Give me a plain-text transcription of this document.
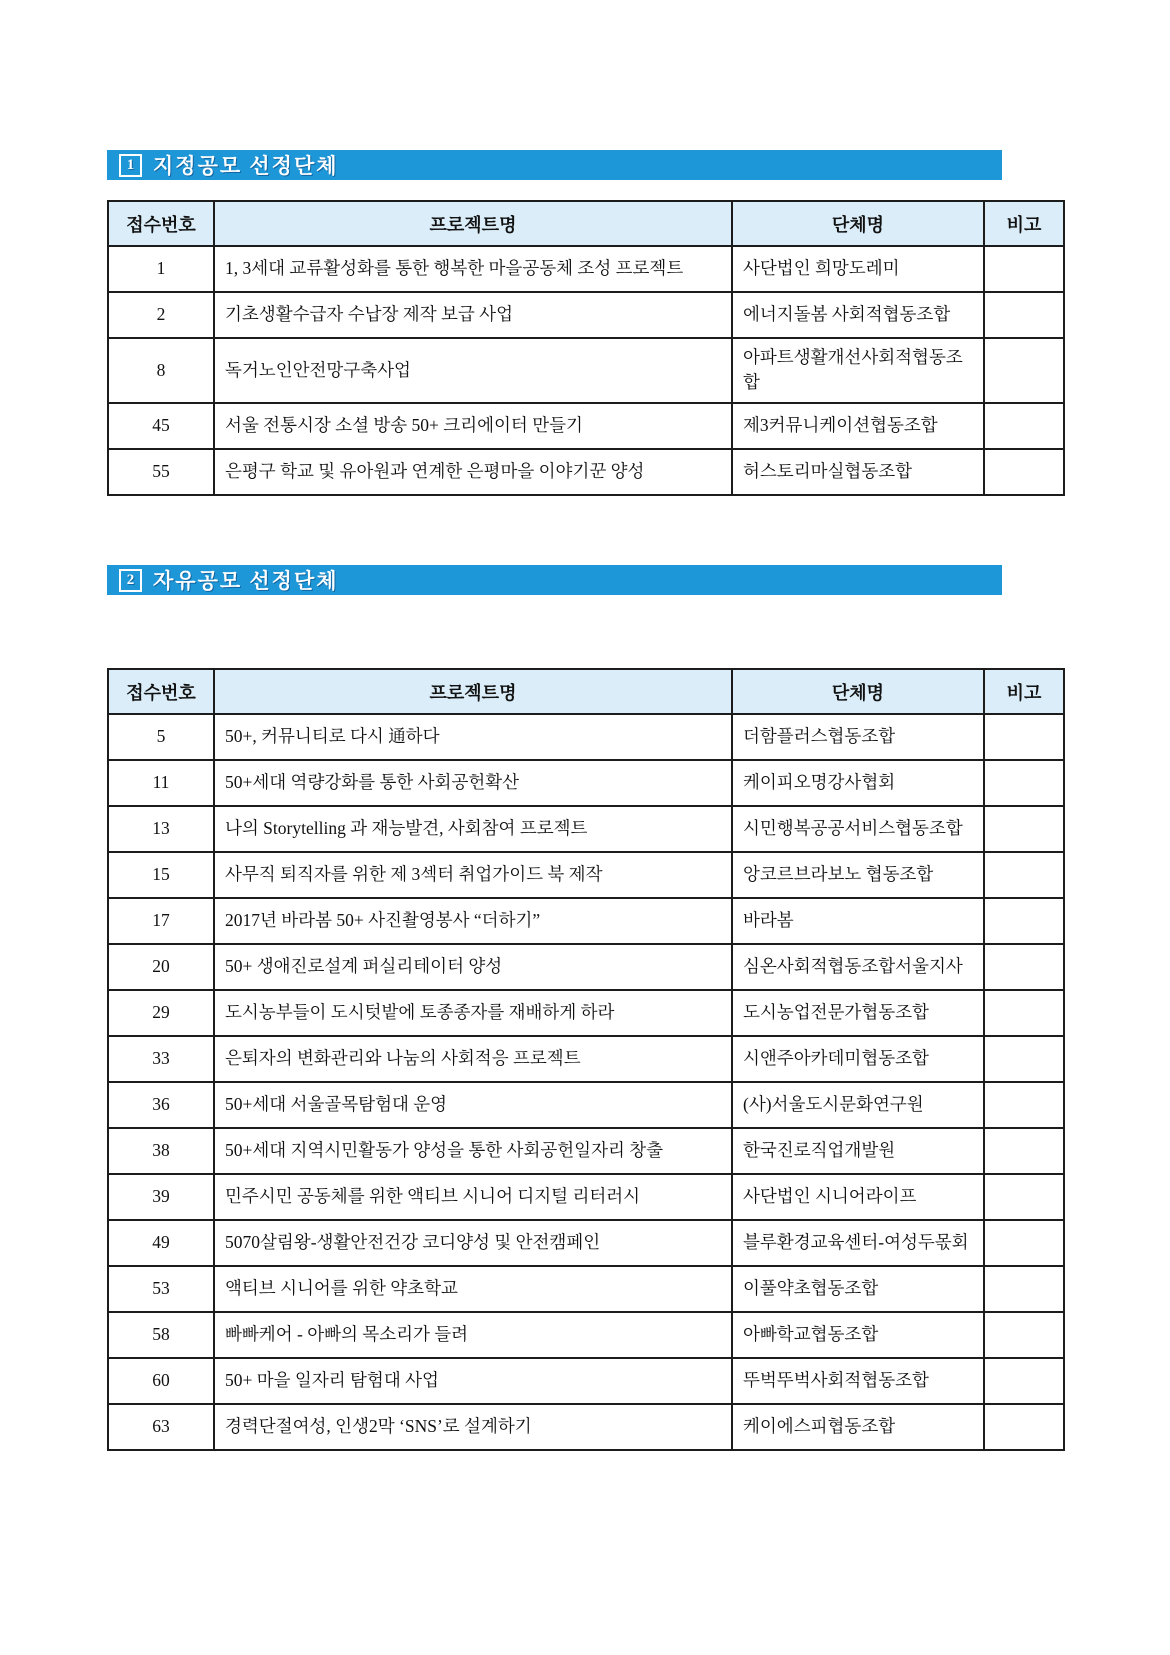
1 지정공모 선정단체
접수번호	프로젝트명	단체명	비고
1	1, 3세대 교류활성화를 통한 행복한 마을공동체 조성 프로젝트	사단법인 희망도레미	
2	기초생활수급자 수납장 제작 보급 사업	에너지돌봄 사회적협동조합	
8	독거노인안전망구축사업	아파트생활개선사회적협동조합	
45	서울 전통시장 소셜 방송 50+ 크리에이터 만들기	제3커뮤니케이션협동조합	
55	은평구 학교 및 유아원과 연계한 은평마을 이야기꾼 양성	허스토리마실협동조합	
2 자유공모 선정단체
접수번호	프로젝트명	단체명	비고
5	50+, 커뮤니티로 다시 通하다	더함플러스협동조합	
11	50+세대 역량강화를 통한 사회공헌확산	케이피오명강사협회	
13	나의 Storytelling 과 재능발견, 사회참여 프로젝트	시민행복공공서비스협동조합	
15	사무직 퇴직자를 위한 제 3섹터 취업가이드 북 제작	앙코르브라보노 협동조합	
17	2017년 바라봄 50+ 사진촬영봉사 “더하기”	바라봄	
20	50+ 생애진로설계 퍼실리테이터 양성	심온사회적협동조합서울지사	
29	도시농부들이 도시텃밭에 토종종자를 재배하게 하라	도시농업전문가협동조합	
33	은퇴자의 변화관리와 나눔의 사회적응 프로젝트	시앤주아카데미협동조합	
36	50+세대 서울골목탐험대 운영	(사)서울도시문화연구원	
38	50+세대 지역시민활동가 양성을 통한 사회공헌일자리 창출	한국진로직업개발원	
39	민주시민 공동체를 위한 액티브 시니어 디지털 리터러시	사단법인 시니어라이프	
49	5070살림왕-생활안전건강 코디양성 및 안전캠페인	블루환경교육센터-여성두몫회	
53	액티브 시니어를 위한 약초학교	이풀약초협동조합	
58	빠빠케어 - 아빠의 목소리가 들려	아빠학교협동조합	
60	50+ 마을 일자리 탐험대 사업	뚜벅뚜벅사회적협동조합	
63	경력단절여성, 인생2막 ‘SNS’로 설계하기	케이에스피협동조합	
